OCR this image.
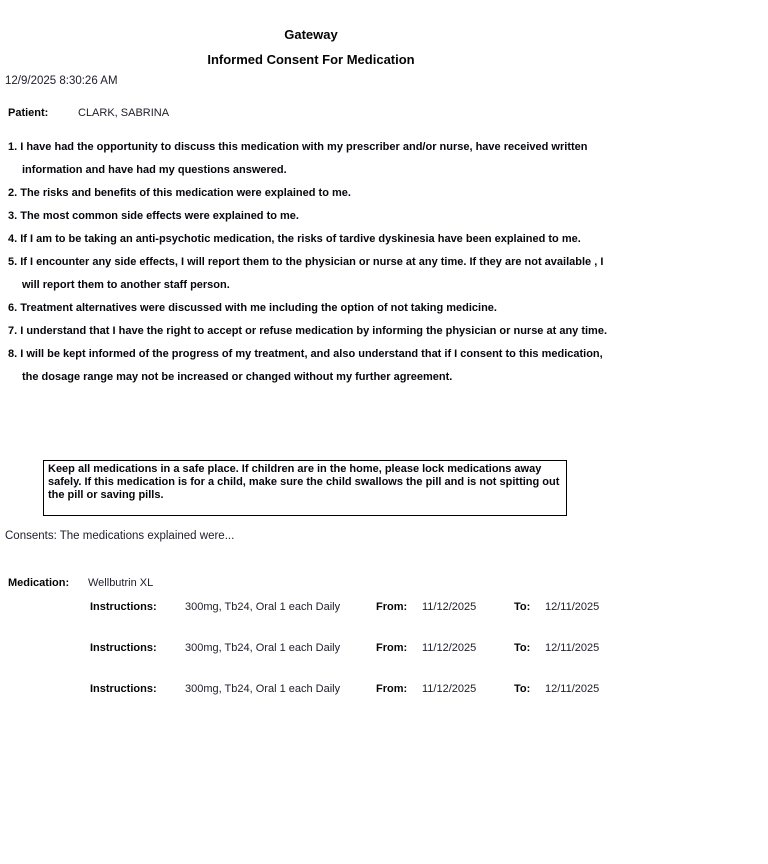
Gateway
Informed Consent For Medication
12/9/2025 8:30:26 AM
Patient:	CLARK, SABRINA
1. I have had the opportunity to discuss this medication with my prescriber and/or nurse, have received written information and have had my questions answered.
2. The risks and benefits of this medication were explained to me.
3. The most common side effects were explained to me.
4. If I am to be taking an anti-psychotic medication, the risks of tardive dyskinesia have been explained to me.
5. If I encounter any side effects, I will report them to the physician or nurse at any time. If they are not available , I will report them to another staff person.
6. Treatment alternatives were discussed with me including the option of not taking medicine.
7. I understand that I have the right to accept or refuse medication by informing the physician or nurse at any time.
8. I will be kept informed of the progress of my treatment, and also understand that if I consent to this medication, the dosage range may not be increased or changed without my further agreement.
Keep all medications in a safe place. If children are in the home, please lock medications away safely. If this medication is for a child, make sure the child swallows the pill and is not spitting out the pill or saving pills.
Consents: The medications explained were...
Medication: Wellbutrin XL
Instructions:	300mg, Tb24, Oral 1 each Daily	From: 11/12/2025	To: 12/11/2025
Instructions:	300mg, Tb24, Oral 1 each Daily	From: 11/12/2025	To: 12/11/2025
Instructions:	300mg, Tb24, Oral 1 each Daily	From: 11/12/2025	To: 12/11/2025
